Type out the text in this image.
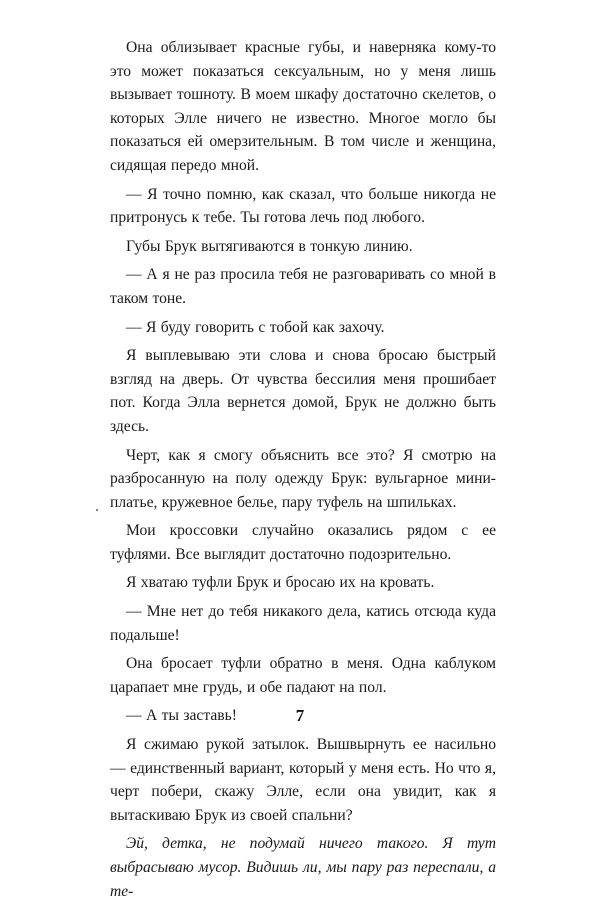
Она облизывает красные губы, и наверняка кому-то это может показаться сексуальным, но у меня лишь вызывает тошноту. В моем шкафу достаточно скелетов, о которых Элле ничего не известно. Многое могло бы показаться ей омерзительным. В том числе и женщина, сидящая передо мной.

— Я точно помню, как сказал, что больше никогда не притронусь к тебе. Ты готова лечь под любого.

Губы Брук вытягиваются в тонкую линию.

— А я не раз просила тебя не разговаривать со мной в таком тоне.

— Я буду говорить с тобой как захочу.

Я выплевываю эти слова и снова бросаю быстрый взгляд на дверь. От чувства бессилия меня прошибает пот. Когда Элла вернется домой, Брук не должно быть здесь.

Черт, как я смогу объяснить все это? Я смотрю на разбросанную на полу одежду Брук: вульгарное мини-платье, кружевное белье, пару туфель на шпильках.

Мои кроссовки случайно оказались рядом с ее туфлями. Все выглядит достаточно подозрительно.

Я хватаю туфли Брук и бросаю их на кровать.

— Мне нет до тебя никакого дела, катись отсюда куда подальше!

Она бросает туфли обратно в меня. Одна каблуком царапает мне грудь, и обе падают на пол.

— А ты заставь!

Я сжимаю рукой затылок. Вышвырнуть ее насильно — единственный вариант, который у меня есть. Но что я, черт побери, скажу Элле, если она увидит, как я вытаскиваю Брук из своей спальни?

Эй, детка, не подумай ничего такого. Я тут выбрасываю мусор. Видишь ли, мы пару раз переспали, а те-

7
